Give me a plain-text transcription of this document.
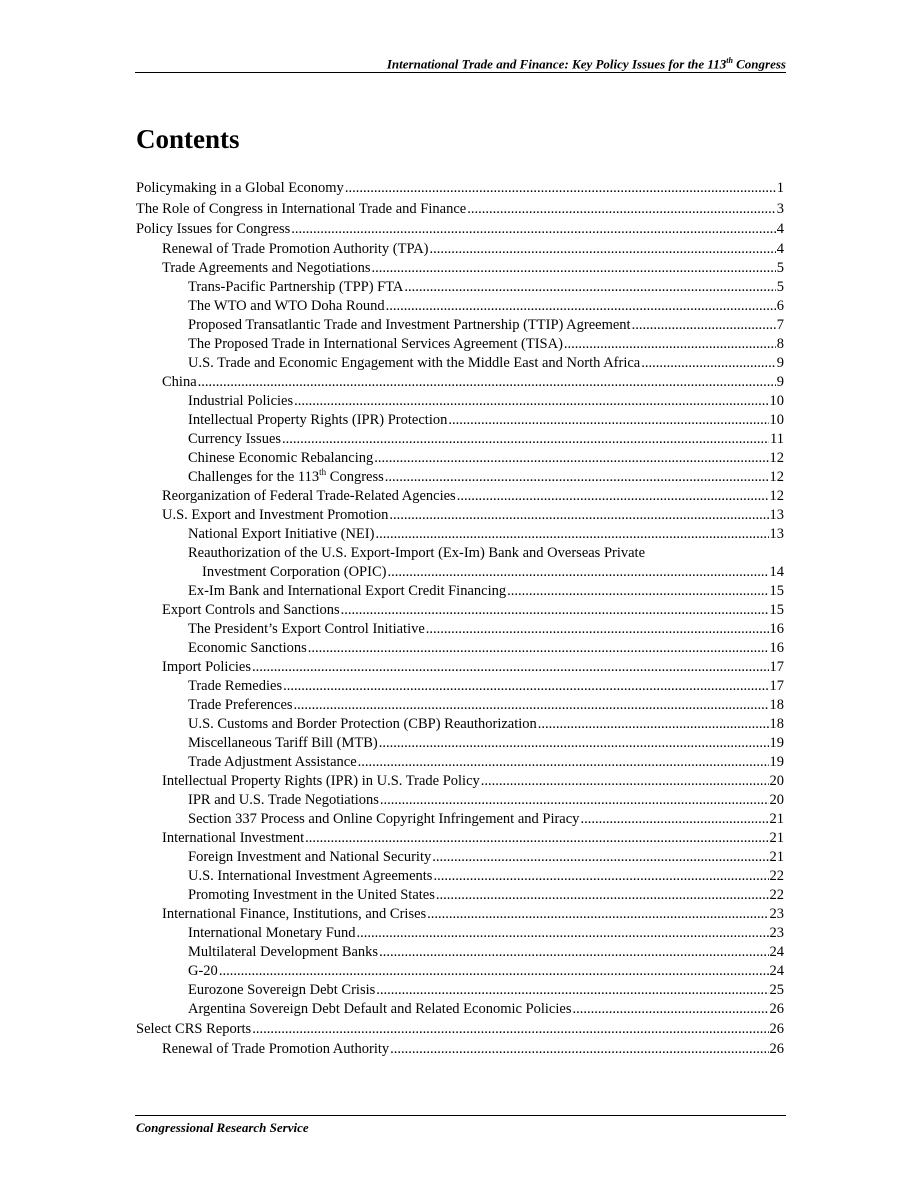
International Trade and Finance: Key Policy Issues for the 113th Congress
Contents
Policymaking in a Global Economy .....	1
The Role of Congress in International Trade and Finance .....	3
Policy Issues for Congress .....	4
Renewal of Trade Promotion Authority (TPA) .....	4
Trade Agreements and Negotiations .....	5
Trans-Pacific Partnership (TPP) FTA .....	5
The WTO and WTO Doha Round .....	6
Proposed Transatlantic Trade and Investment Partnership (TTIP) Agreement .....	7
The Proposed Trade in International Services Agreement (TISA) .....	8
U.S. Trade and Economic Engagement with the Middle East and North Africa .....	9
China .....	9
Industrial Policies .....	10
Intellectual Property Rights (IPR) Protection .....	10
Currency Issues .....	11
Chinese Economic Rebalancing .....	12
Challenges for the 113th Congress .....	12
Reorganization of Federal Trade-Related Agencies .....	12
U.S. Export and Investment Promotion .....	13
National Export Initiative (NEI) .....	13
Reauthorization of the U.S. Export-Import (Ex-Im) Bank and Overseas Private
Investment Corporation (OPIC) .....	14
Ex-Im Bank and International Export Credit Financing .....	15
Export Controls and Sanctions .....	15
The President’s Export Control Initiative .....	16
Economic Sanctions .....	16
Import Policies .....	17
Trade Remedies .....	17
Trade Preferences .....	18
U.S. Customs and Border Protection (CBP) Reauthorization .....	18
Miscellaneous Tariff Bill (MTB) .....	19
Trade Adjustment Assistance .....	19
Intellectual Property Rights (IPR) in U.S. Trade Policy .....	20
IPR and U.S. Trade Negotiations .....	20
Section 337 Process and Online Copyright Infringement and Piracy .....	21
International Investment .....	21
Foreign Investment and National Security .....	21
U.S. International Investment Agreements .....	22
Promoting Investment in the United States .....	22
International Finance, Institutions, and Crises .....	23
International Monetary Fund .....	23
Multilateral Development Banks .....	24
G-20 .....	24
Eurozone Sovereign Debt Crisis .....	25
Argentina Sovereign Debt Default and Related Economic Policies .....	26
Select CRS Reports .....	26
Renewal of Trade Promotion Authority .....	26
Congressional Research Service
